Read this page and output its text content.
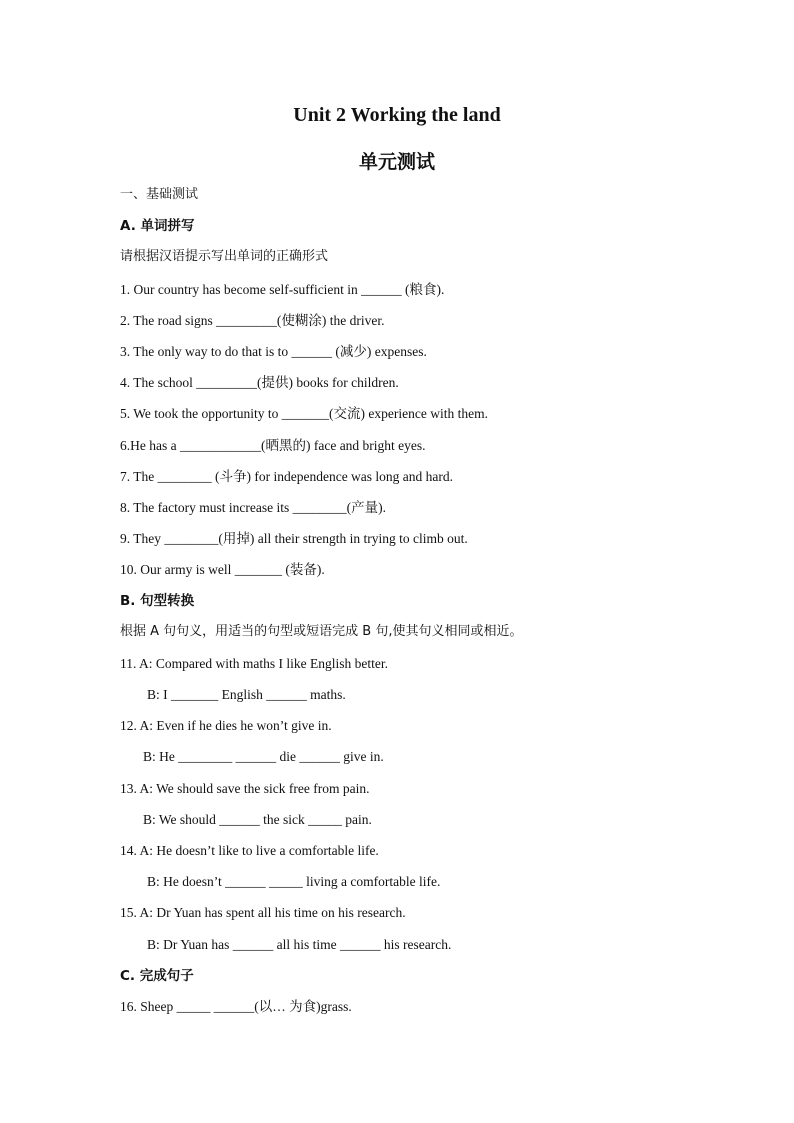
Unit 2 Working the land
单元测试
一、基础测试
A. 单词拼写
请根据汉语提示写出单词的正确形式
1. Our country has become self-sufficient in ______ (粮食).
2. The road signs _________(使糊涂) the driver.
3. The only way to do that is to ______ (减少) expenses.
4. The school _________(提供) books for children.
5. We took the opportunity to _______(交流) experience with them.
6.He has a ____________(晒黑的) face and bright eyes.
7. The ________ (斗争) for independence was long and hard.
8. The factory must increase its ________(产量).
9. They ________(用掉) all their strength in trying to climb out.
10. Our army is well _______ (装备).
B. 句型转换
根据 A 句句义，用适当的句型或短语完成 B 句,使其句义相同或相近。
11. A: Compared with maths I like English better.
B: I _______ English ______ maths.
12. A: Even if he dies he won’t give in.
B: He ________ ______ die ______ give in.
13. A: We should save the sick free from pain.
B: We should ______ the sick _____ pain.
14. A: He doesn’t like to live a comfortable life.
B: He doesn’t ______ _____ living a comfortable life.
15. A: Dr Yuan has spent all his time on his research.
B: Dr Yuan has ______ all his time ______ his research.
C. 完成句子
16. Sheep _____ ______(以… 为食)grass.
